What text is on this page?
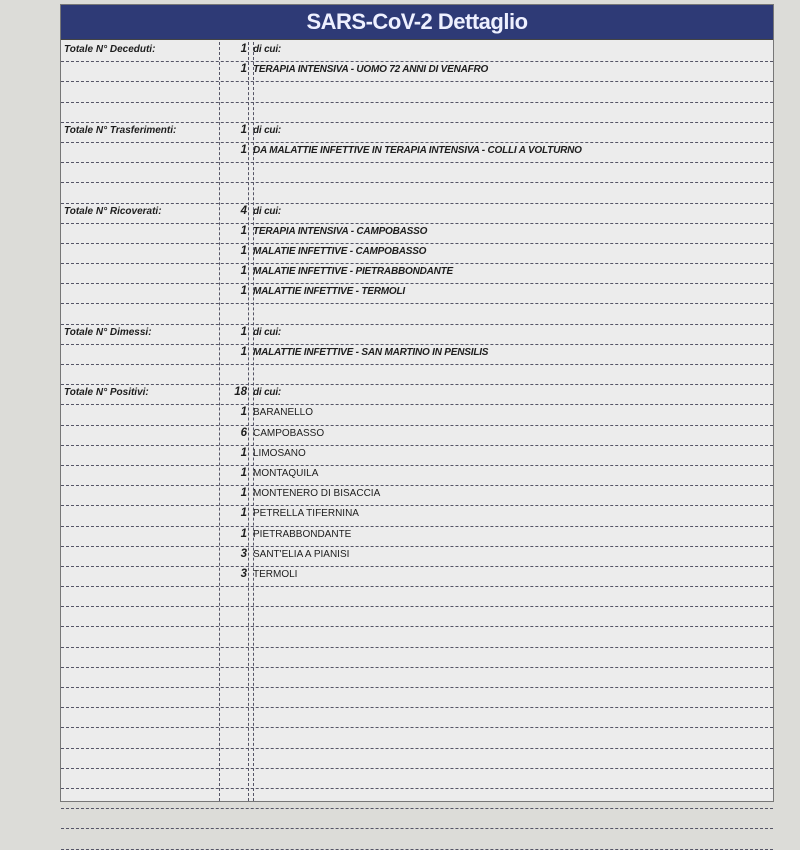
SARS-CoV-2 Dettaglio
Totale N° Deceduti:	1 di cui:
1 TERAPIA INTENSIVA - UOMO 72 ANNI DI VENAFRO
Totale N° Trasferimenti:	1 di cui:
1 DA MALATTIE INFETTIVE IN TERAPIA INTENSIVA - COLLI A VOLTURNO
Totale N° Ricoverati:	4 di cui:
1 TERAPIA INTENSIVA - CAMPOBASSO
1 MALATIE INFETTIVE - CAMPOBASSO
1 MALATIE INFETTIVE - PIETRABBONDANTE
1 MALATTIE INFETTIVE - TERMOLI
Totale N° Dimessi:	1 di cui:
1 MALATTIE INFETTIVE - SAN MARTINO IN PENSILIS
Totale N° Positivi:	18 di cui:
1 BARANELLO
6 CAMPOBASSO
1 LIMOSANO
1 MONTAQUILA
1 MONTENERO DI BISACCIA
1 PETRELLA TIFERNINA
1 PIETRABBONDANTE
3 SANT'ELIA A PIANISI
3 TERMOLI
